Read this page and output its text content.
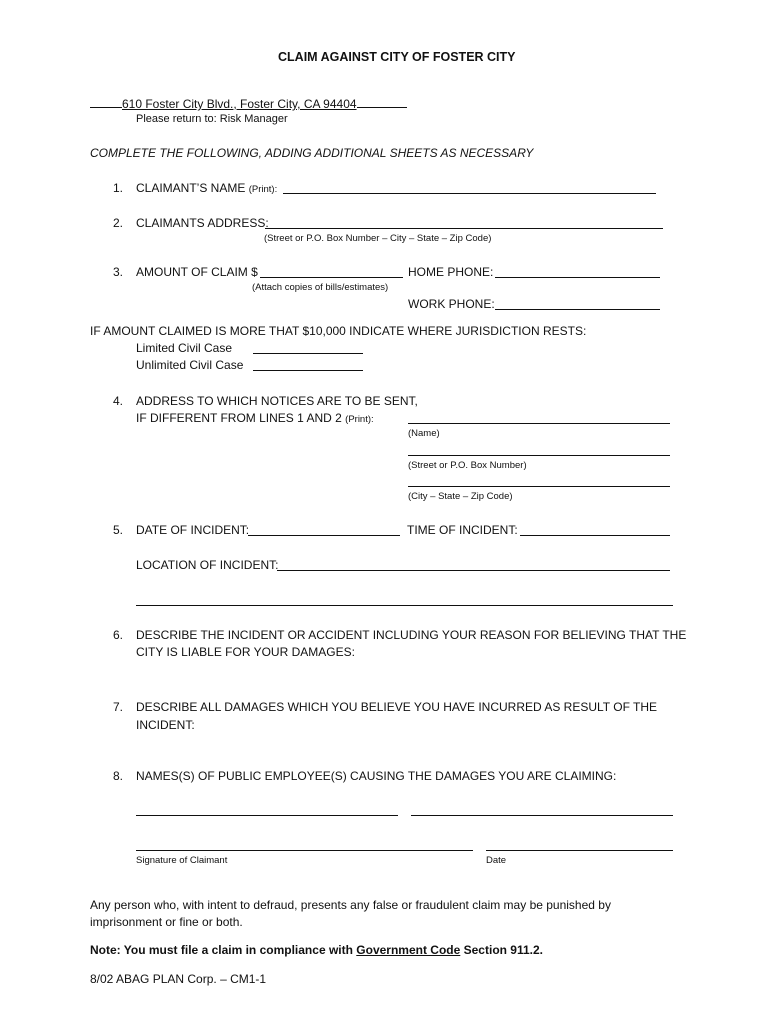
CLAIM AGAINST CITY OF FOSTER CITY
610 Foster City Blvd., Foster City, CA 94404
Please return to: Risk Manager
COMPLETE THE FOLLOWING, ADDING ADDITIONAL SHEETS AS NECESSARY
1. CLAIMANT’S NAME (Print):
2. CLAIMANTS ADDRESS:
(Street or P.O. Box Number – City – State – Zip Code)
3. AMOUNT OF CLAIM $	HOME PHONE:
(Attach copies of bills/estimates)
WORK PHONE:
IF AMOUNT CLAIMED IS MORE THAT $10,000 INDICATE WHERE JURISDICTION RESTS:
Limited Civil Case
Unlimited Civil Case
4. ADDRESS TO WHICH NOTICES ARE TO BE SENT,
IF DIFFERENT FROM LINES 1 AND 2 (Print):
(Name)
(Street or P.O. Box Number)
(City – State – Zip Code)
5. DATE OF INCIDENT:	TIME OF INCIDENT:
LOCATION OF INCIDENT:
6. DESCRIBE THE INCIDENT OR ACCIDENT INCLUDING YOUR REASON FOR BELIEVING THAT THE
CITY IS LIABLE FOR YOUR DAMAGES:
7. DESCRIBE ALL DAMAGES WHICH YOU BELIEVE YOU HAVE INCURRED AS RESULT OF THE
INCIDENT:
8. NAMES(S) OF PUBLIC EMPLOYEE(S) CAUSING THE DAMAGES YOU ARE CLAIMING:
Signature of Claimant	Date
Any person who, with intent to defraud, presents any false or fraudulent claim may be punished by
imprisonment or fine or both.
Note: You must file a claim in compliance with Government Code Section 911.2.
8/02 ABAG PLAN Corp. – CM1-1
